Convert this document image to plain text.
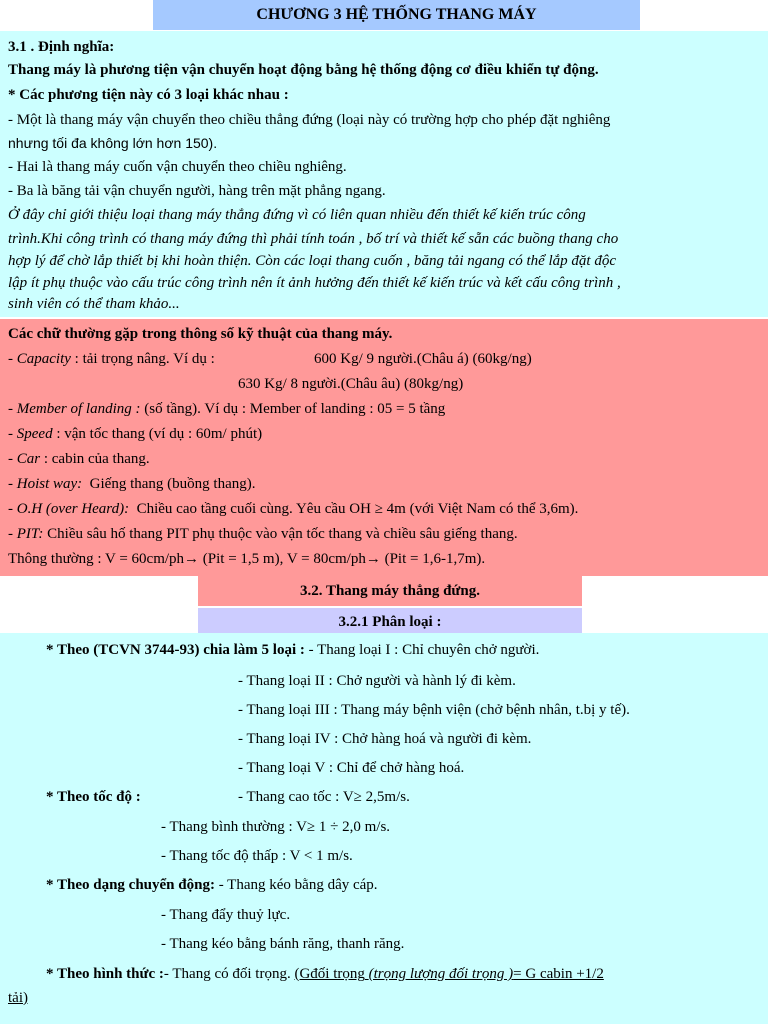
CHƯƠNG 3 HỆ THỐNG THANG MÁY
3.1 . Định nghĩa:
Thang máy là phương tiện vận chuyển hoạt động bằng hệ thống động cơ điều khiển tự động.
* Các phương tiện này có 3 loại khác nhau :
- Một là thang máy vận chuyển theo chiều thẳng đứng (loại này có trường hợp cho phép đặt nghiêng
nhưng tối đa không lớn hơn 150).
- Hai là thang máy cuốn vận chuyển theo chiều nghiêng.
- Ba là băng tải vận chuyển người, hàng trên mặt phẳng ngang.
Ở đây chỉ giới thiệu loại thang máy thẳng đứng vì có liên quan nhiều đến thiết kế kiến trúc công
trình.Khi công trình có thang máy đứng thì phải tính toán , bố trí và thiết kế sẵn các buồng thang cho
hợp lý để chờ lắp thiết bị khi hoàn thiện. Còn các loại thang cuốn , băng tải ngang có thể lắp đặt độc
lập ít phụ thuộc vào cấu trúc công trình nên ít ảnh hưởng đến thiết kế kiến trúc và kết cấu công trình ,
sinh viên có thể tham khảo...
Các chữ thường gặp trong thông số kỹ thuật của thang máy.
- Capacity : tải trọng nâng. Ví dụ :	600 Kg/ 9 người.(Châu á) (60kg/ng)
630 Kg/ 8 người.(Châu âu) (80kg/ng)
- Member of landing : (số tầng). Ví dụ : Member of landing : 05 = 5 tầng
- Speed : vận tốc thang (ví dụ : 60m/ phút)
- Car : cabin của thang.
- Hoist way: Giếng thang (buồng thang).
- O.H (over Heard): Chiều cao tầng cuối cùng. Yêu cầu OH ≥ 4m (với Việt Nam có thể 3,6m).
- PIT: Chiều sâu hố thang PIT phụ thuộc vào vận tốc thang và chiều sâu giếng thang.
Thông thường : V = 60cm/ph→ (Pit = 1,5 m), V = 80cm/ph→ (Pit = 1,6-1,7m).
3.2. Thang máy thẳng đứng.
3.2.1 Phân loại :
* Theo (TCVN 3744-93) chia làm 5 loại : - Thang loại I : Chỉ chuyên chở người.
- Thang loại II : Chở người và hành lý đi kèm.
- Thang loại III : Thang máy bệnh viện (chở bệnh nhân, t.bị y tế).
- Thang loại IV : Chở hàng hoá và người đi kèm.
- Thang loại V : Chỉ để chở hàng hoá.
* Theo tốc độ :	- Thang cao tốc : V≥ 2,5m/s.
- Thang bình thường : V≥ 1 ÷ 2,0 m/s.
- Thang tốc độ thấp : V < 1 m/s.
* Theo dạng chuyển động: - Thang kéo bằng dây cáp.
- Thang đẩy thuỷ lực.
- Thang kéo bằng bánh răng, thanh răng.
* Theo hình thức :- Thang có đối trọng. (Gđối trọng (trọng lượng đối trọng )= G cabin +1/2
tải)
